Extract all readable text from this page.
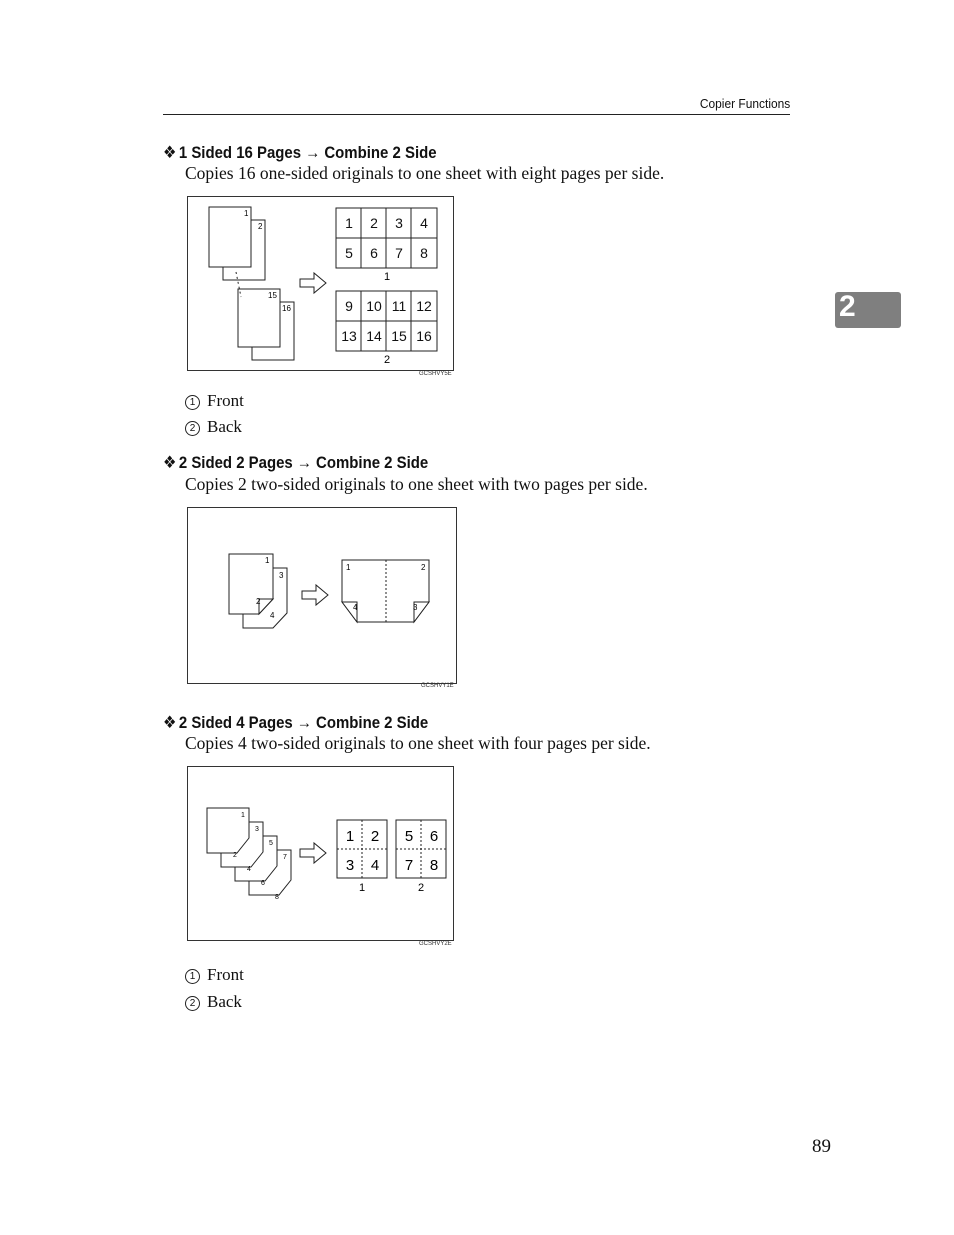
Copier Functions
2
❖ 1 Sided 16 Pages → Combine 2 Side
Copies 16 one-sided originals to one sheet with eight pages per side.
1
2
15
16
1 2 3 4
5 6 7 8
1
9 10 11 12
13 14 15 16
2
GCSHVY5E
1 Front
2 Back
❖ 2 Sided 2 Pages → Combine 2 Side
Copies 2 two-sided originals to one sheet with two pages per side.
1
3
2
4
1	2
4	3
GCSHVY1E
❖ 2 Sided 4 Pages → Combine 2 Side
Copies 4 two-sided originals to one sheet with four pages per side.
1
3
5
7
2
4
6
8
1 2
3 4
1
5 6
7 8
2
GCSHVY2E
1 Front
2 Back
89
